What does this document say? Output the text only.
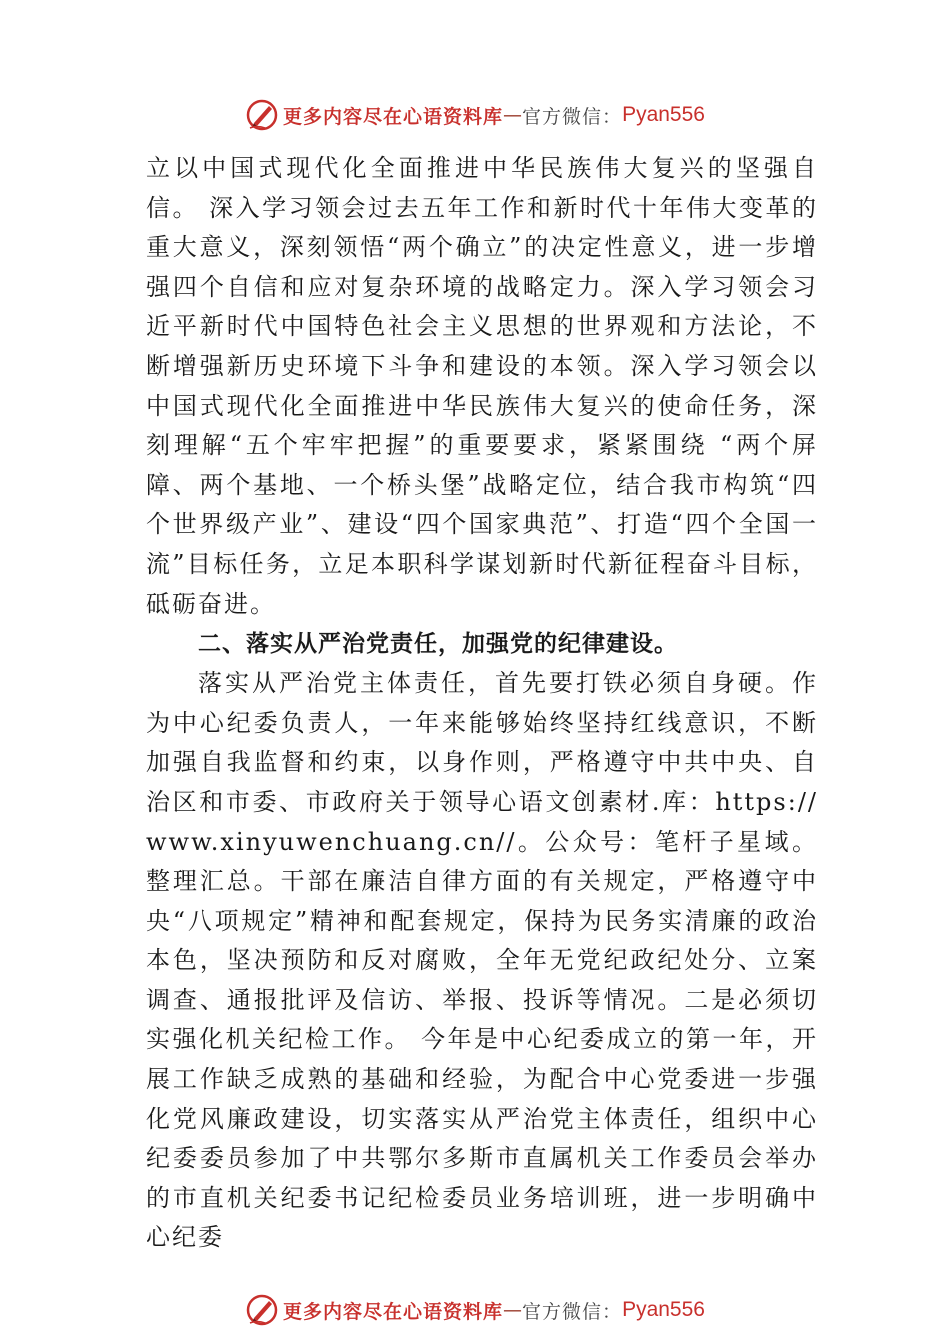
更多内容尽在心语资料库 — 官方微信： Pyan556

立以中国式现代化全面推进中华民族伟大复兴的坚强自信。 深入学习领会过去五年工作和新时代十年伟大变革的重大意义，深刻领悟“两个确立”的决定性意义，进一步增强四个自信和应对复杂环境的战略定力。深入学习领会习近平新时代中国特色社会主义思想的世界观和方法论，不断增强新历史环境下斗争和建设的本领。深入学习领会以中国式现代化全面推进中华民族伟大复兴的使命任务，深刻理解“五个牢牢把握”的重要要求，紧紧围绕 “两个屏障、两个基地、一个桥头堡”战略定位，结合我市构筑“四个世界级产业”、建设“四个国家典范”、打造“四个全国一流”目标任务，立足本职科学谋划新时代新征程奋斗目标，砥砺奋进。

二、落实从严治党责任，加强党的纪律建设。

落实从严治党主体责任，首先要打铁必须自身硬。作为中心纪委负责人，一年来能够始终坚持红线意识，不断加强自我监督和约束，以身作则，严格遵守中共中央、自治区和市委、市政府关于领导心语文创素材.库：https://www.xinyuwenchuang.cn//。公众号：笔杆子星域。整理汇总。干部在廉洁自律方面的有关规定，严格遵守中央“八项规定”精神和配套规定，保持为民务实清廉的政治本色，坚决预防和反对腐败，全年无党纪政纪处分、立案调查、通报批评及信访、举报、投诉等情况。二是必须切实强化机关纪检工作。 今年是中心纪委成立的第一年，开展工作缺乏成熟的基础和经验，为配合中心党委进一步强化党风廉政建设，切实落实从严治党主体责任，组织中心纪委委员参加了中共鄂尔多斯市直属机关工作委员会举办的市直机关纪委书记纪检委员业务培训班，进一步明确中心纪委

更多内容尽在心语资料库 — 官方微信： Pyan556
